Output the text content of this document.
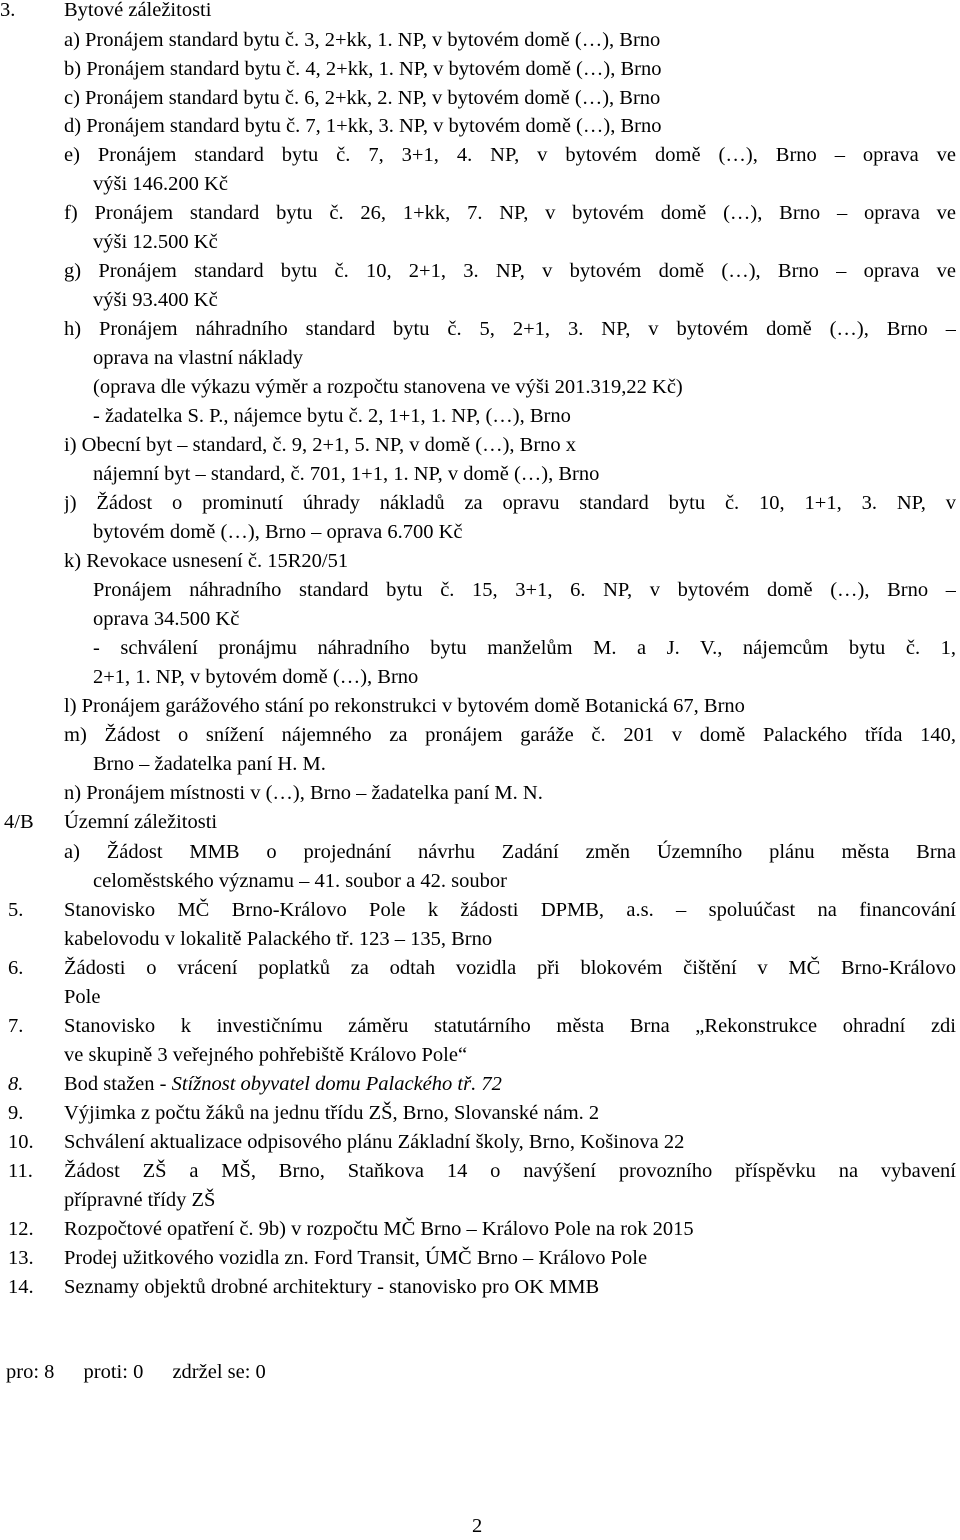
3. Bytové záležitosti
a) Pronájem standard bytu č. 3, 2+kk, 1. NP, v bytovém domě (…), Brno
b) Pronájem standard bytu č. 4, 2+kk, 1. NP, v bytovém domě (…), Brno
c) Pronájem standard bytu č. 6, 2+kk, 2. NP, v bytovém domě (…), Brno
d) Pronájem standard bytu č. 7, 1+kk, 3. NP, v bytovém domě (…), Brno
e) Pronájem standard bytu č. 7, 3+1, 4. NP, v bytovém domě (…), Brno – oprava ve
výši 146.200 Kč
f) Pronájem standard bytu č. 26, 1+kk, 7. NP, v bytovém domě (…), Brno – oprava ve
výši 12.500 Kč
g) Pronájem standard bytu č. 10, 2+1, 3. NP, v bytovém domě (…), Brno – oprava ve
výši 93.400 Kč
h) Pronájem náhradního standard bytu č. 5, 2+1, 3. NP, v bytovém domě (…), Brno –
oprava na vlastní náklady
(oprava dle výkazu výměr a rozpočtu stanovena ve výši 201.319,22 Kč)
- žadatelka S. P., nájemce bytu č. 2, 1+1, 1. NP, (…), Brno
i) Obecní byt – standard, č. 9, 2+1, 5. NP, v domě (…), Brno x
nájemní byt – standard, č. 701, 1+1, 1. NP, v domě (…), Brno
j) Žádost o prominutí úhrady nákladů za opravu standard bytu č. 10, 1+1, 3. NP, v
bytovém domě (…), Brno – oprava 6.700 Kč
k) Revokace usnesení č. 15R20/51
Pronájem náhradního standard bytu č. 15, 3+1, 6. NP, v bytovém domě (…), Brno –
oprava 34.500 Kč
- schválení pronájmu náhradního bytu manželům M. a J. V., nájemcům bytu č. 1,
2+1, 1. NP, v bytovém domě (…), Brno
l) Pronájem garážového stání po rekonstrukci v bytovém domě Botanická 67, Brno
m) Žádost o snížení nájemného za pronájem garáže č. 201 v domě Palackého třída 140,
Brno – žadatelka paní H. M.
n) Pronájem místnosti v (…), Brno – žadatelka paní M. N.
4/B Územní záležitosti
a) Žádost MMB o projednání návrhu Zadání změn Územního plánu města Brna
celoměstského významu – 41. soubor a 42. soubor
5. Stanovisko MČ Brno-Královo Pole k žádosti DPMB, a.s. – spoluúčast na financování
kabelovodu v lokalitě Palackého tř. 123 – 135, Brno
6. Žádosti o vrácení poplatků za odtah vozidla při blokovém čištění v MČ Brno-Královo
Pole
7. Stanovisko k investičnímu záměru statutárního města Brna „Rekonstrukce ohradní zdi
ve skupině 3 veřejného pohřebiště Královo Pole“
8. Bod stažen - Stížnost obyvatel domu Palackého tř. 72
9. Výjimka z počtu žáků na jednu třídu ZŠ, Brno, Slovanské nám. 2
10. Schválení aktualizace odpisového plánu Základní školy, Brno, Košinova 22
11. Žádost ZŠ a MŠ, Brno, Staňkova 14 o navýšení provozního příspěvku na vybavení
přípravné třídy ZŠ
12. Rozpočtové opatření č. 9b) v rozpočtu MČ Brno – Královo Pole na rok 2015
13. Prodej užitkového vozidla zn. Ford Transit, ÚMČ Brno – Královo Pole
14. Seznamy objektů drobné architektury - stanovisko pro OK MMB
pro: 8 proti: 0 zdržel se: 0
2
